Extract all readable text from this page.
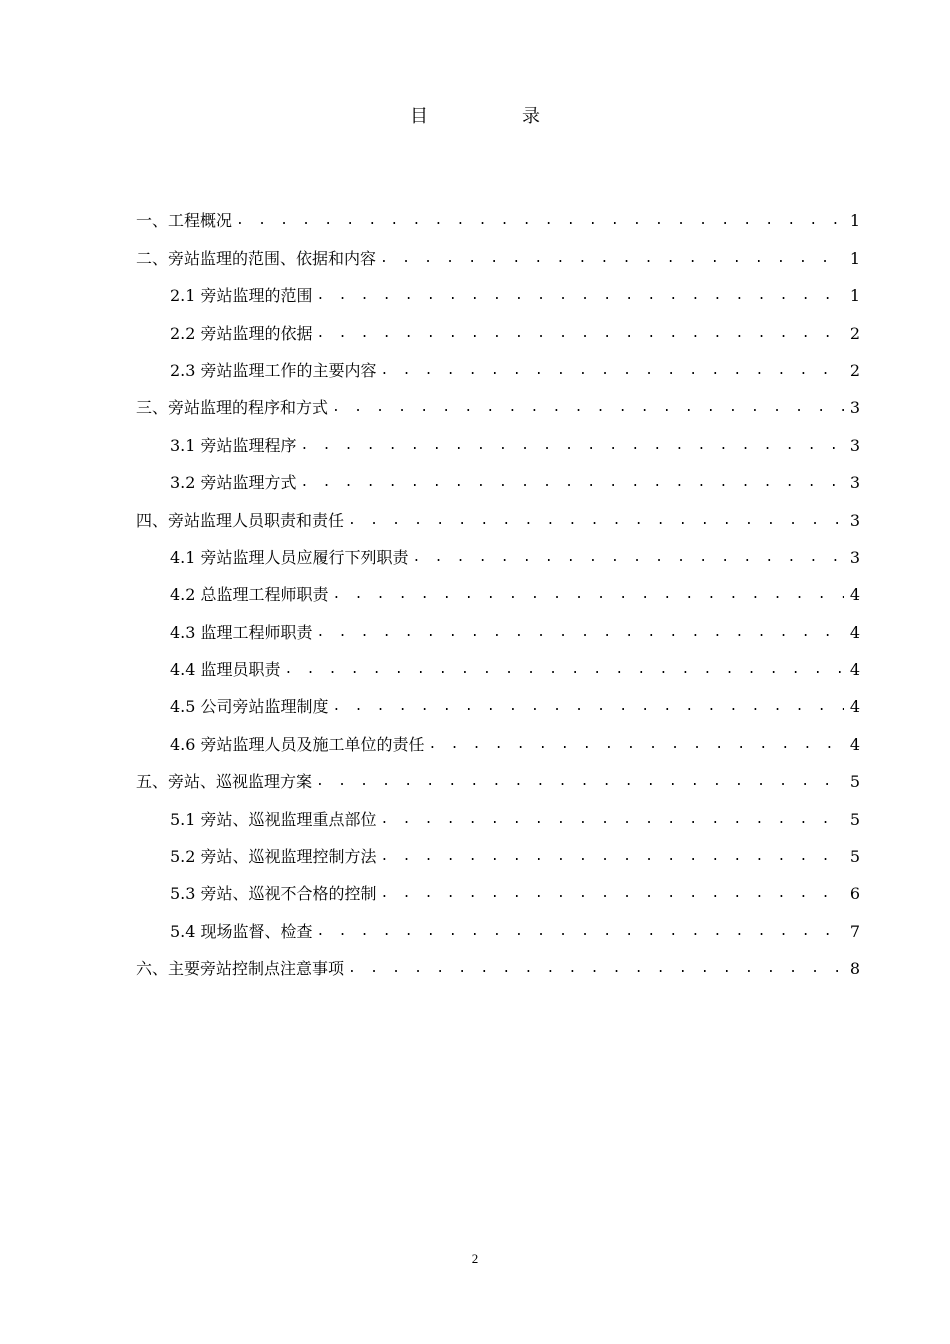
目	录
一、工程概况 . . .	1
二、旁站监理的范围、依据和内容 . . .	1
2.1 旁站监理的范围 . . .	1
2.2 旁站监理的依据 . . .	2
2.3 旁站监理工作的主要内容 . . .	2
三、旁站监理的程序和方式 . . .	3
3.1 旁站监理程序 . . .	3
3.2 旁站监理方式 . . .	3
四、旁站监理人员职责和责任 . . .	3
4.1 旁站监理人员应履行下列职责 . . .	3
4.2 总监理工程师职责 . . .	4
4.3 监理工程师职责 . . .	4
4.4 监理员职责 . . .	4
4.5 公司旁站监理制度 . . .	4
4.6 旁站监理人员及施工单位的责任 . . .	4
五、旁站、巡视监理方案 . . .	5
5.1 旁站、巡视监理重点部位 . . .	5
5.2 旁站、巡视监理控制方法 . . .	5
5.3 旁站、巡视不合格的控制 . . .	6
5.4 现场监督、检查 . . .	7
六、主要旁站控制点注意事项 . . .	8
2
